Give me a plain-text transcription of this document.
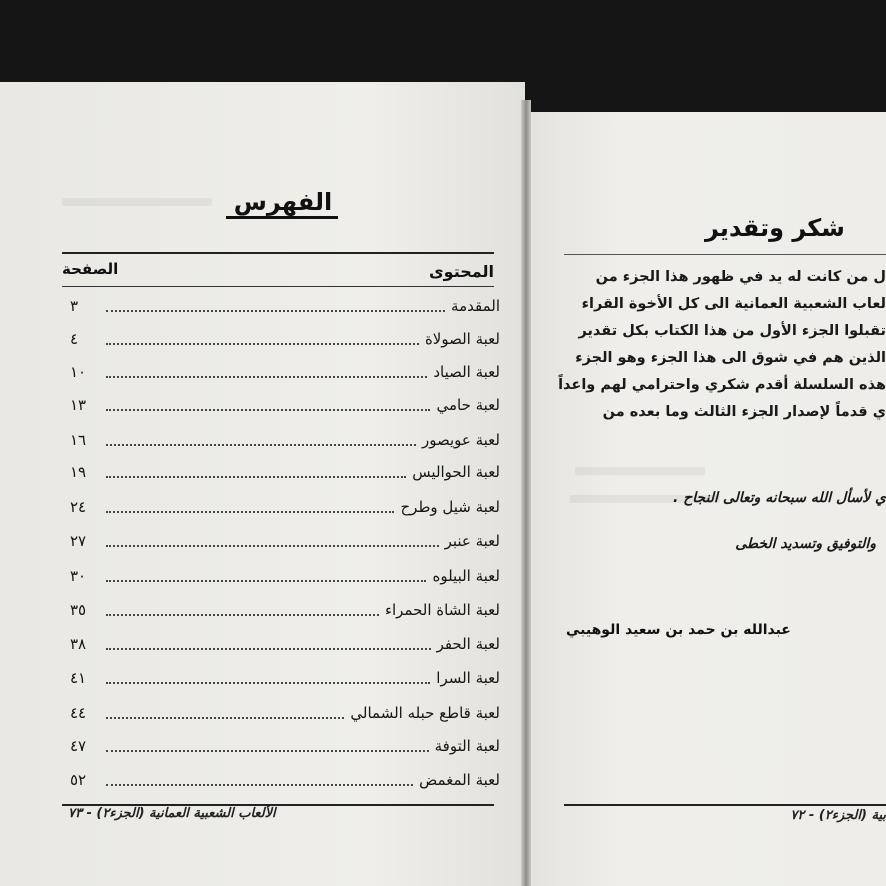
الفهرس
المحتوى
الصفحة
المقدمة
٣
لعبة الصولاة
٤
لعبة الصياد
١٠
لعبة حامي
١٣
لعبة عويصور
١٦
لعبة الحواليس
١٩
لعبة شيل وطرح
٢٤
لعبة عنبر
٢٧
لعبة البيلوه
٣٠
لعبة الشاة الحمراء
٣٥
لعبة الحفر
٣٨
لعبة السرا
٤١
لعبة قاطع حبله الشمالي
٤٤
لعبة التوفة
٤٧
لعبة المغمض
٥٢
الألعاب الشعبية العمانية (الجزء٢) - ٧٣
شكر وتقدير
ل من كانت له يد في ظهور هذا الجزء من
لعاب الشعبية العمانية الى كل الأخوة القراء
تقبلوا الجزء الأول من هذا الكتاب بكل تقدير
الذين هم في شوق الى هذا الجزء وهو الجزء
هذه السلسلة أقدم شكري واحترامي لهم واعداً
ي قدماً لإصدار الجزء الثالث وما بعده من
ي لأسأل الله سبحانه وتعالى النجاح .
والتوفيق وتسديد الخطى
عبدالله بن حمد بن سعيد الوهيبي
بية (الجزء٢) - ٧٢
